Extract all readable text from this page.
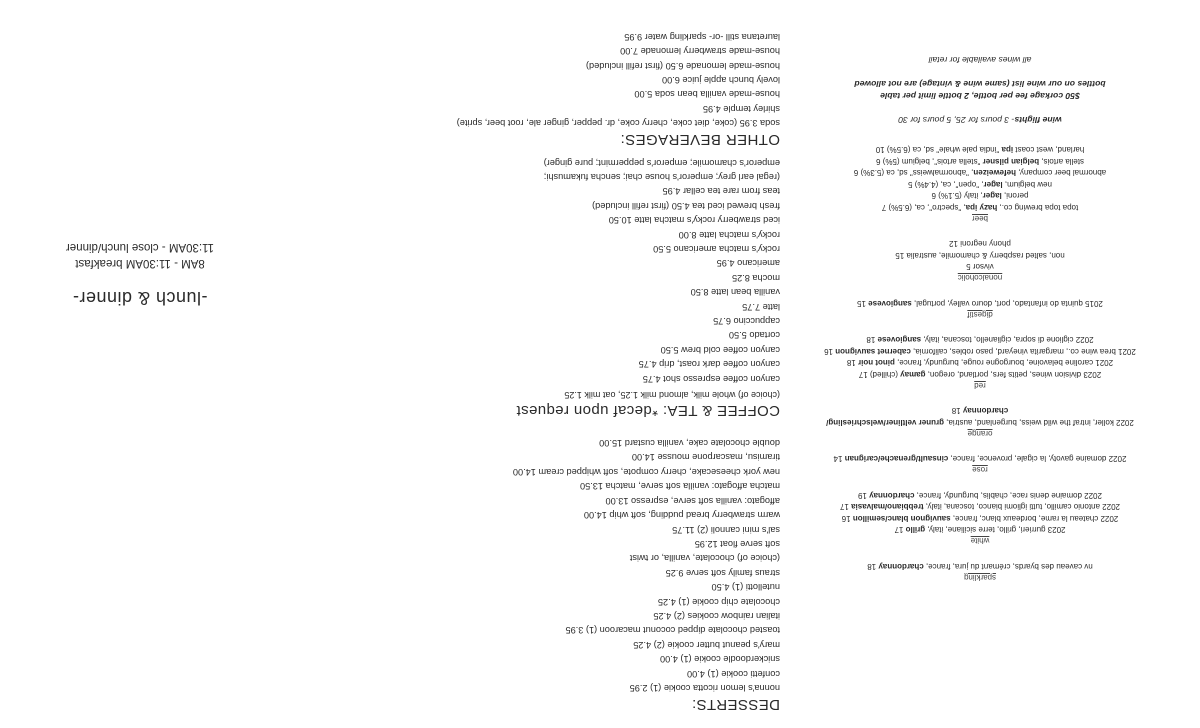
-lunch & dinner-
8AM - 11:30AM breakfast
11:30AM - close lunch/dinner
DESSERTS:
nonna's lemon ricotta cookie (1) 2.95
confetti cookie (1) 4.00
snickerdoodle cookie (1) 4.00
mary's peanut butter cookie (2) 4.25
toasted chocolate dipped coconut macaroon (1) 3.95
italian rainbow cookies (2) 4.25
chocolate chip cookie (1) 4.25
nutellotti (1) 4.50
straus family soft serve 9.25
(choice of) chocolate, vanilla, or twist
soft serve float 12.95
sal's mini cannoli (2) 11.75
warm strawberry bread pudding, soft whip 14.00
affogato: vanilla soft serve, espresso 13.00
matcha affogato: vanilla soft serve, matcha 13.50
new york cheesecake, cherry compote, soft whipped cream 14.00
tiramisu, mascarpone mousse 14.00
double chocolate cake, vanilla custard 15.00
COFFEE & TEA: *decaf upon request
(choice of) whole milk, almond milk 1.25, oat milk 1.25
canyon coffee espresso shot 4.75
canyon coffee dark roast, drip 4.75
canyon coffee cold brew 5.50
cortado 5.50
cappuccino 6.75
latte 7.75
vanilla bean latte 8.50
mocha 8.25
americano 4.95
rocky's matcha americano 5.50
rocky's matcha latte 8.00
iced strawberry rocky's matcha latte 10.50
fresh brewed iced tea 4.50 (first refill included)
teas from rare tea cellar 4.95
(regal earl grey; emperor's house chai; sencha fukamushi;
emperor's chamomile; emperor's peppermint; pure ginger)
OTHER BEVERAGES:
soda 3.95 (coke, diet coke, cherry coke, dr. pepper, ginger ale, root beer, sprite)
shirley temple 4.95
house-made vanilla bean soda 5.00
lovely bunch apple juice 6.00
house-made lemonade 6.50 (first refill included)
house-made strawberry lemonade 7.00
lauretana still -or- sparkling water 9.95
sparkling
nv caveau des byards, crémant du jura, france, chardonnay 18
white
2023 gurrieri, grillo, terre siciliane, italy, grillo 17
2022 chateau la rame, bordeaux blanc, france, sauvignon blanc/semillon 16
2022 antonio camillo, tutti igliomi bianco, toscana, italy, trebbiano/malvasia 17
2022 domaine denis race, chablis, burgundy, france, chardonnay 19
rose
2022 domaine gavoty, la cigale, provence, france, cinsault/grenache/carignan 14
orange
2022 koller, intraf the wild weiss, burgenland, austria, gruner veltliner/welschriesling/
chardonnay 18
red
2023 division wines, petits fers, portland, oregon, gamay (chilled) 17
2021 caroline belavoine, bourgogne rouge, burgundy, france, pinot noir 18
2021 brea wine co., margarita vineyard, paso robles, california, cabernet sauvignon 16
2022 ciglione di sopra, ciglianello, toscana, italy, sangiovese 18
digestif
2015 quinta do infantado, port, douro valley, portugal, sangiovese 15
nonalcoholic
vivsor 5
non, salted raspberry & chamomile, australia 15
phony negroni 12
beer
topa topa brewing co., hazy ipa, "spectro", ca, (6.5%) 7
peroni, lager, italy (5.1%) 6
new belgium, lager, "open", ca, (4.4%) 5
abnormal beer company, hefeweizen, "abnormalweiss" sd, ca (5.3%) 6
stella artois, belgian pilsner "stella artois", belgium (5%) 6
harland, west coast ipa "india pale whale" sd, ca (6.5%) 10
wine flights- 3 pours for 25, 5 pours for 30
$50 corkage fee per bottle, 2 bottle limit per table
bottles on our wine list (same wine & vintage) are not allowed
all wines available for retail
